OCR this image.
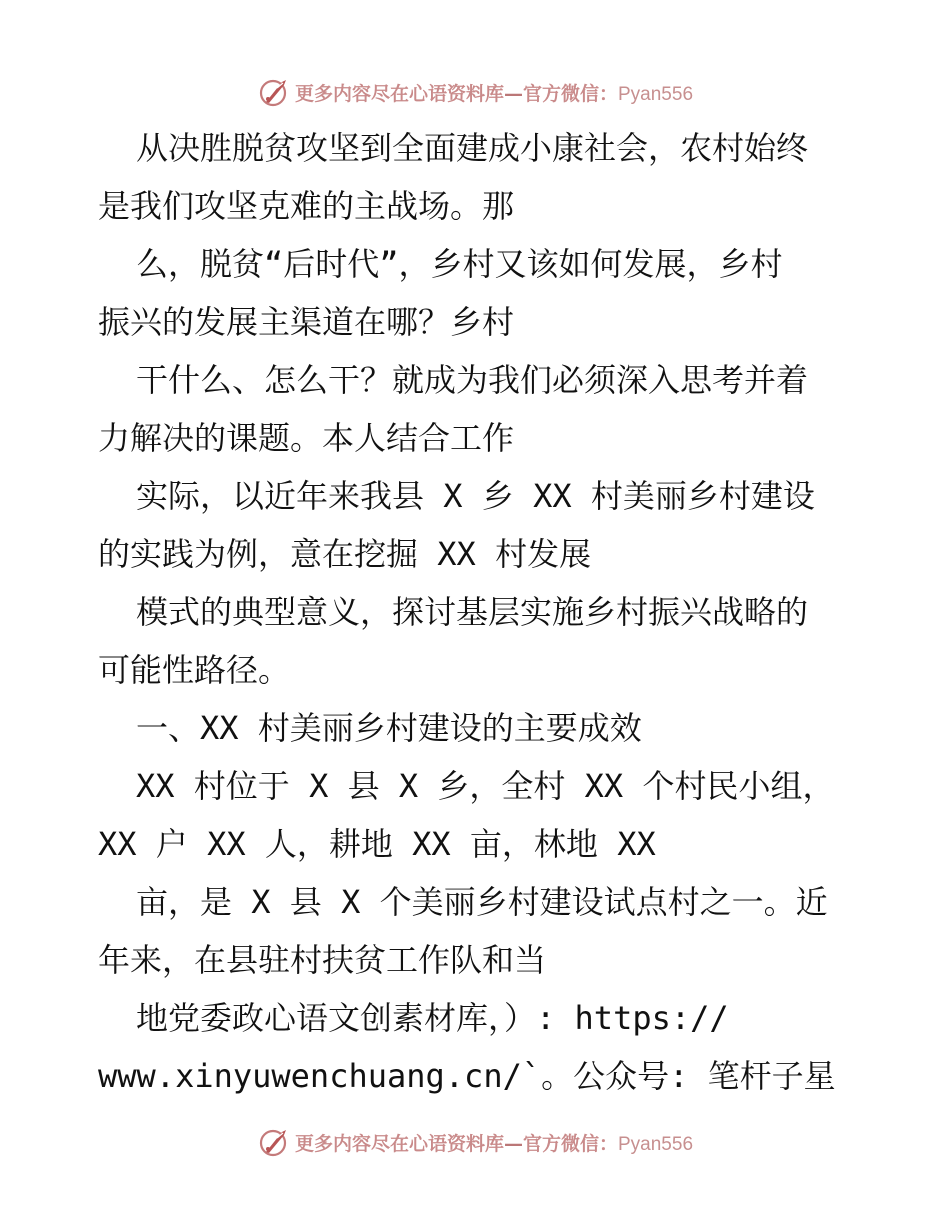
更多内容尽在心语资料库—官方微信：Pyan556
从决胜脱贫攻坚到全面建成小康社会，农村始终
是我们攻坚克难的主战场。那
么，脱贫“后时代”，乡村又该如何发展，乡村
振兴的发展主渠道在哪？乡村
干什么、怎么干？就成为我们必须深入思考并着
力解决的课题。本人结合工作
实际，以近年来我县 X 乡 XX 村美丽乡村建设
的实践为例，意在挖掘 XX 村发展
模式的典型意义，探讨基层实施乡村振兴战略的
可能性路径。
一、XX 村美丽乡村建设的主要成效
XX 村位于 X 县 X 乡，全村 XX 个村民小组，
XX 户 XX 人，耕地 XX 亩，林地 XX
亩，是 X 县 X 个美丽乡村建设试点村之一。近
年来，在县驻村扶贫工作队和当
地党委政心语文创素材库，）: https://
www.xinyuwenchuang.cn/`。公众号: 笔杆子星
更多内容尽在心语资料库—官方微信：Pyan556
